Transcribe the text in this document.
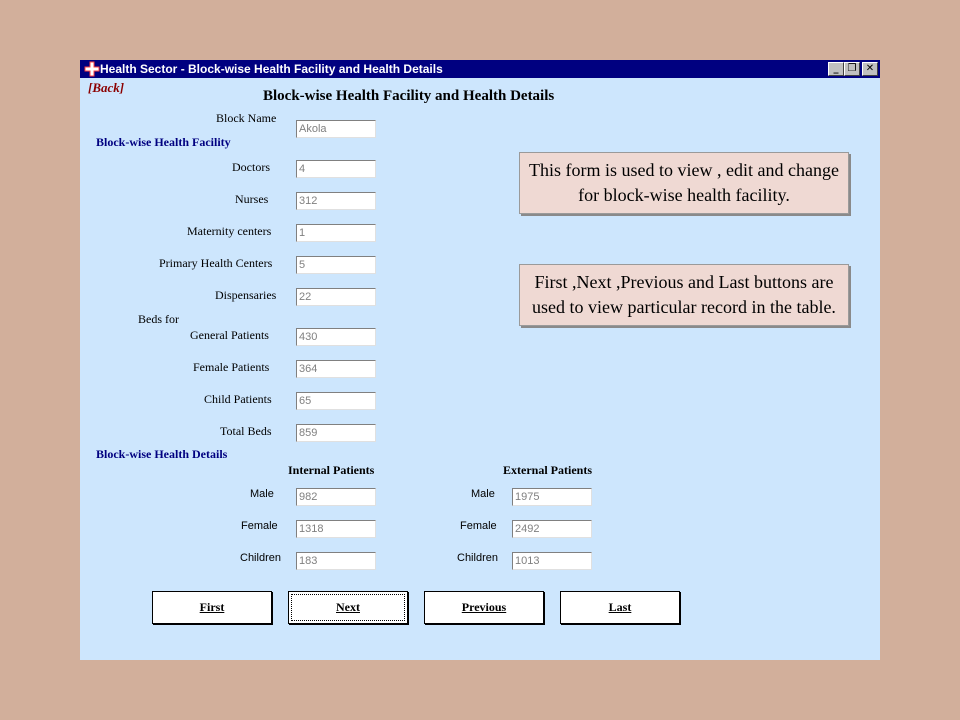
Health Sector - Block-wise Health Facility and Health Details	_ ❐ ✕
[Back]
Block-wise Health Facility and Health Details
Block Name
Akola
Block-wise Health Facility
Doctors	4
Nurses	312
Maternity centers	1
Primary Health Centers 5
Dispensaries 22
Beds for
General Patients	430
Female Patients	364
Child Patients 65
Total Beds	859
Block-wise Health Details
Internal Patients	External Patients
Male 982	Male 1975
Female 1318	Female 2492
Children 183	Children 1013
This form is used to view , edit and change for block-wise health facility.
First ,Next ,Previous and Last buttons are used to view particular record in the table.
First	Next	Previous	Last
